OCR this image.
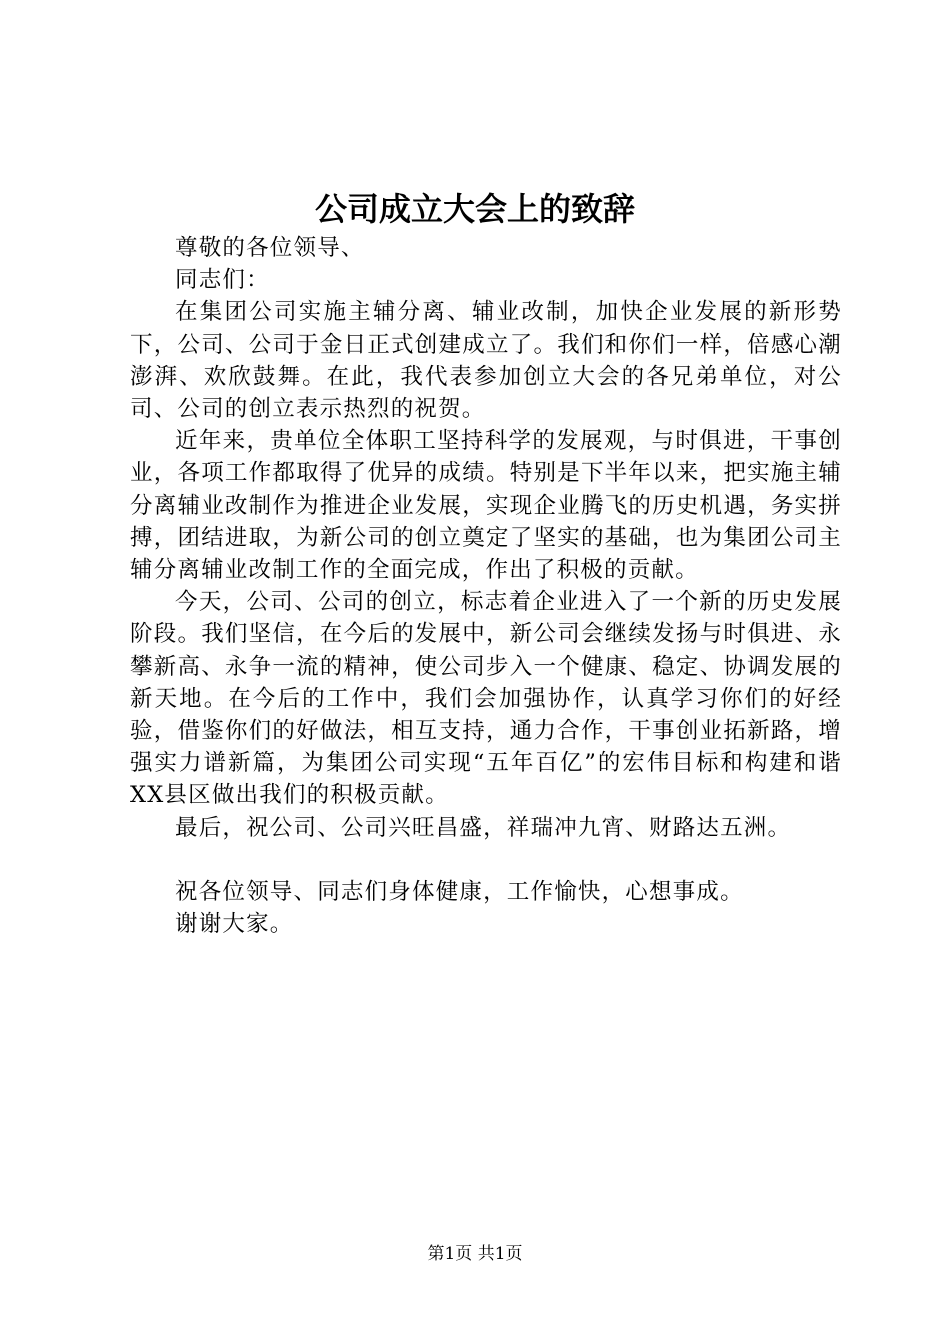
公司成立大会上的致辞

尊敬的各位领导、

同志们：

在集团公司实施主辅分离、辅业改制，加快企业发展的新形势下，公司、公司于金日正式创建成立了。我们和你们一样，倍感心潮澎湃、欢欣鼓舞。在此，我代表参加创立大会的各兄弟单位，对公司、公司的创立表示热烈的祝贺。

近年来，贵单位全体职工坚持科学的发展观，与时俱进，干事创业，各项工作都取得了优异的成绩。特别是下半年以来，把实施主辅分离辅业改制作为推进企业发展，实现企业腾飞的历史机遇，务实拼搏，团结进取，为新公司的创立奠定了坚实的基础，也为集团公司主辅分离辅业改制工作的全面完成，作出了积极的贡献。

今天，公司、公司的创立，标志着企业进入了一个新的历史发展阶段。我们坚信，在今后的发展中，新公司会继续发扬与时俱进、永攀新高、永争一流的精神，使公司步入一个健康、稳定、协调发展的新天地。在今后的工作中，我们会加强协作，认真学习你们的好经验，借鉴你们的好做法，相互支持，通力合作，干事创业拓新路，增强实力谱新篇，为集团公司实现“五年百亿”的宏伟目标和构建和谐XX县区做出我们的积极贡献。

最后，祝公司、公司兴旺昌盛，祥瑞冲九宵、财路达五洲。

祝各位领导、同志们身体健康，工作愉快，心想事成。

谢谢大家。

第1页 共1页
